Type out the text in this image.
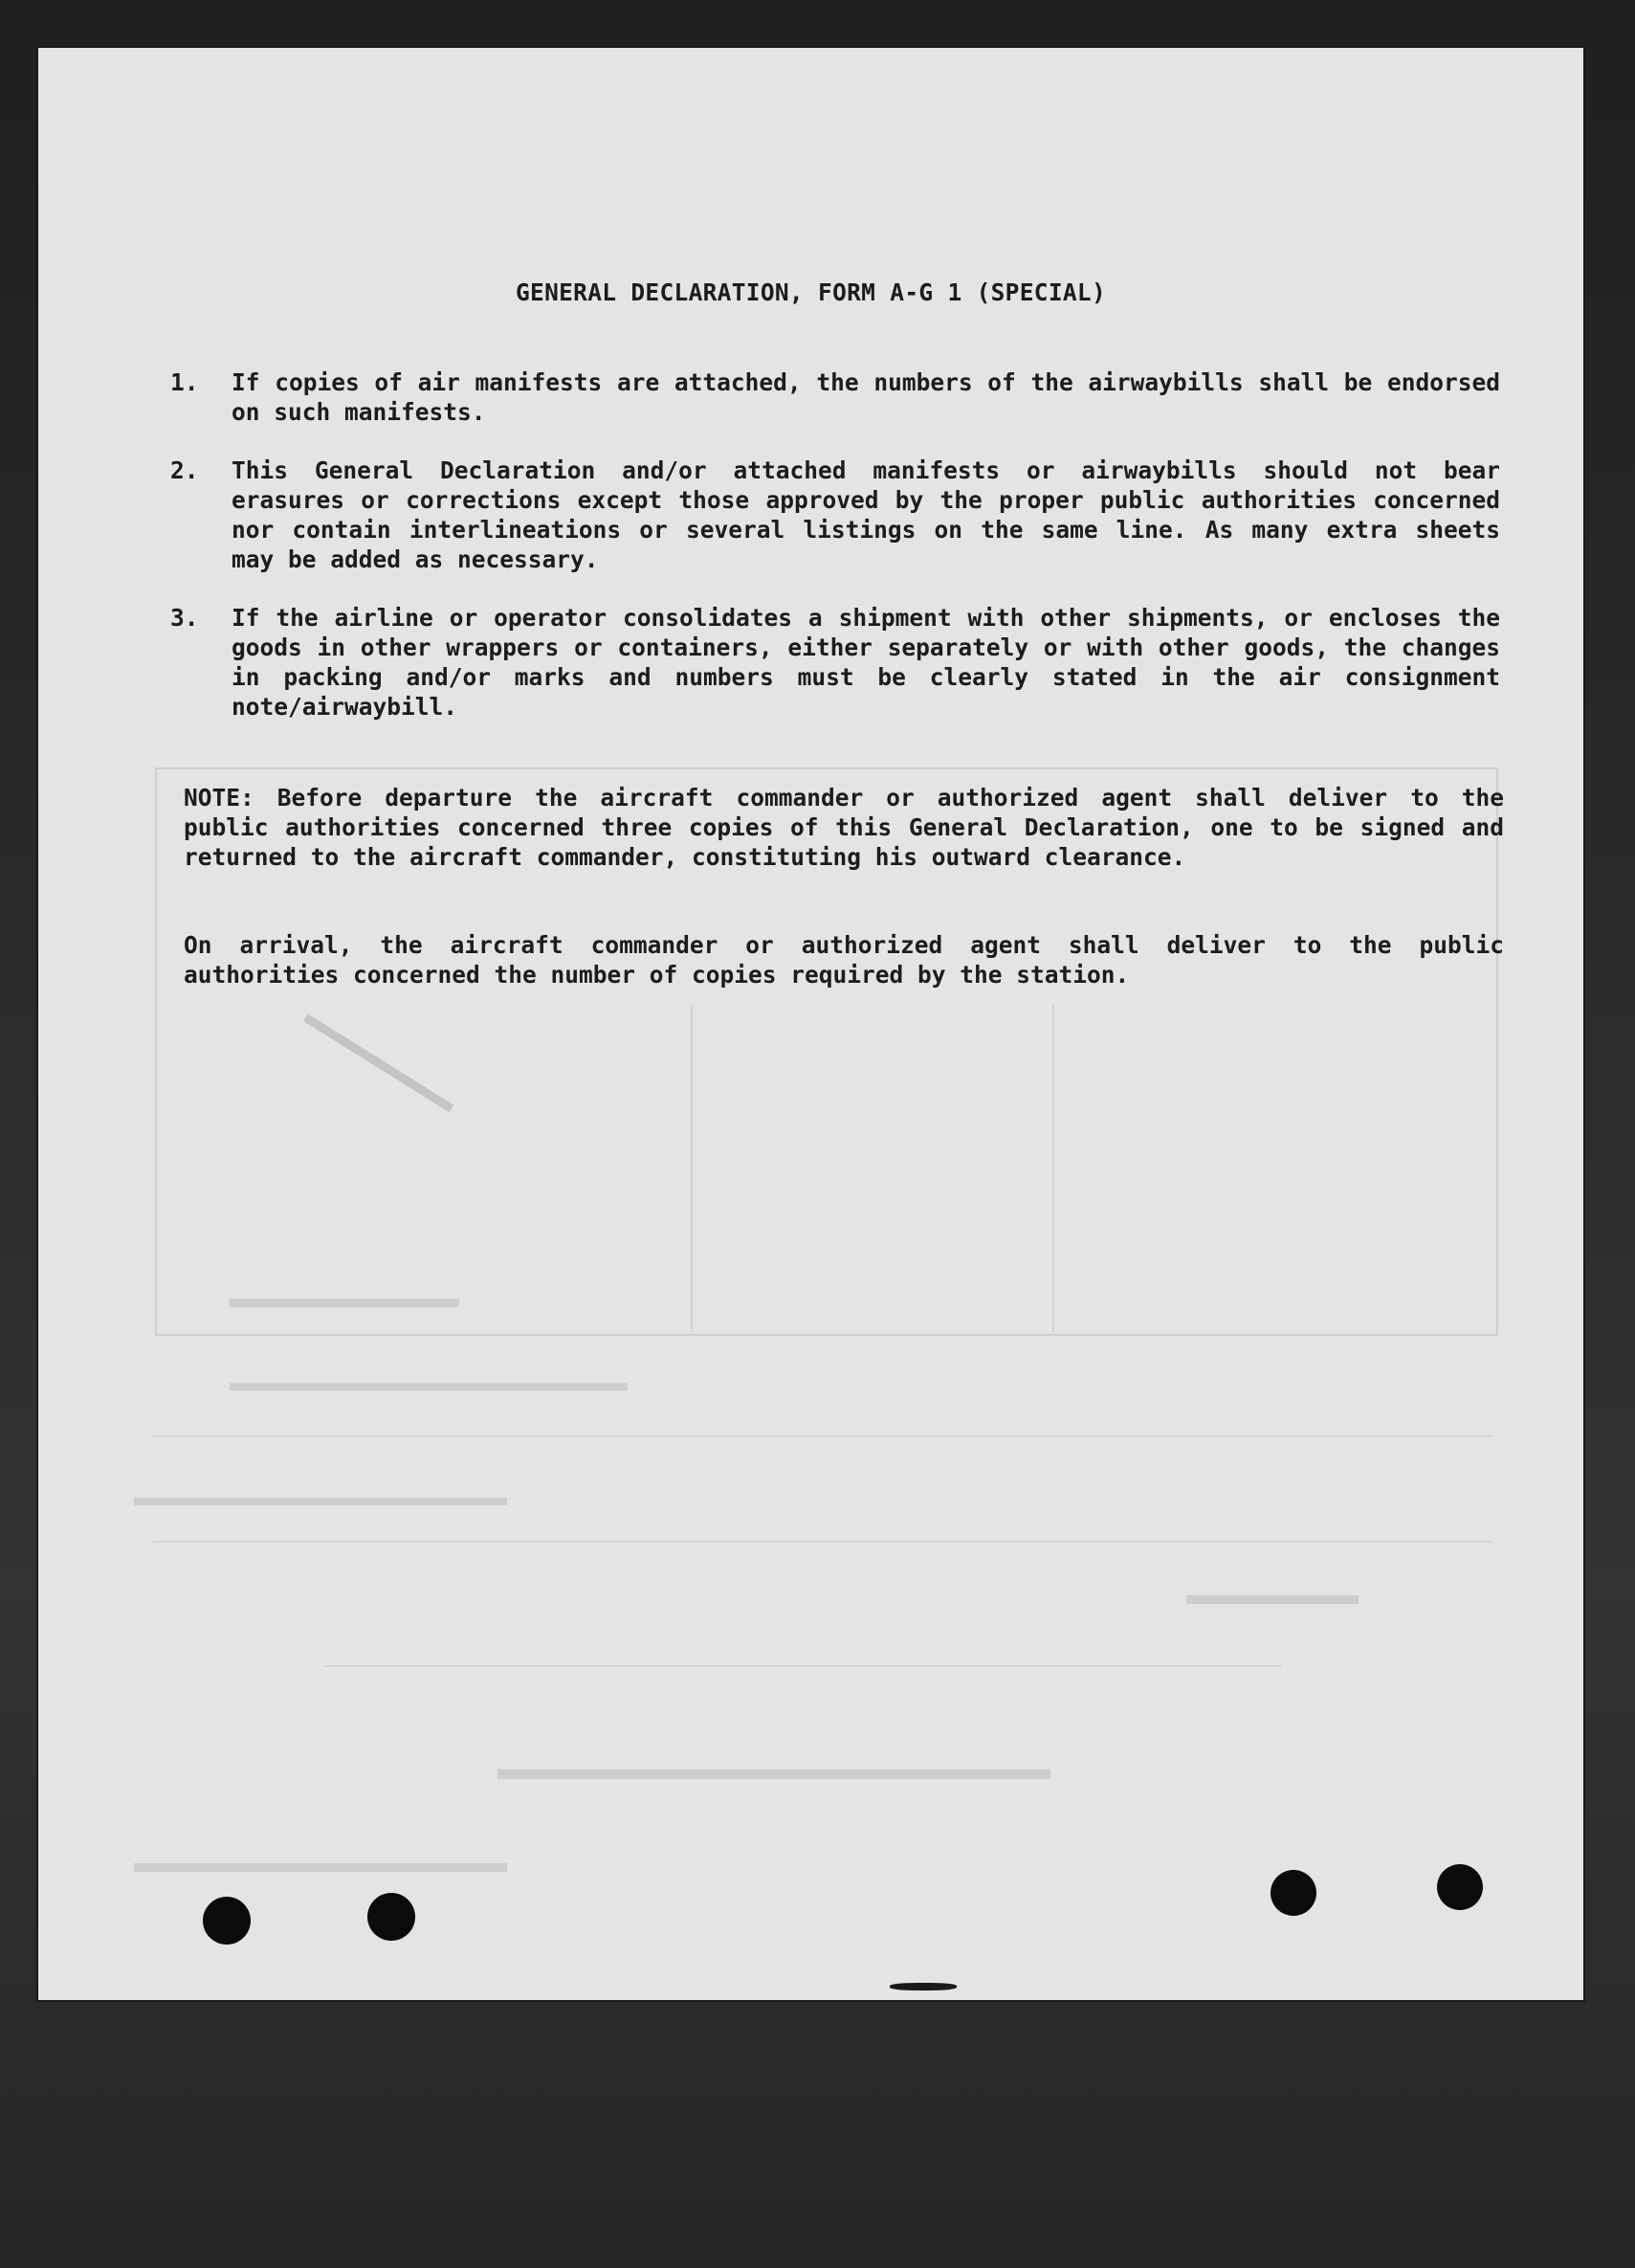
▬▬▬▬▬▬▬▬
▬▬▬▬▬▬▬▬▬▬▬▬▬▬▬▬
▬▬▬▬▬▬▬▬▬▬▬▬▬▬▬
▬▬▬▬▬▬▬▬▬▬▬▬▬▬▬▬▬
▬▬▬▬▬▬▬▬▬▬▬▬▬
▬▬▬▬▬▬
▬▬▬▬▬▬
GENERAL DECLARATION, FORM A-G 1 (SPECIAL)
1.	If copies of air manifests are attached, the numbers of the airwaybills shall be endorsed on such manifests.
2.	This General Declaration and/or attached manifests or airwaybills should not bear erasures or corrections except those approved by the proper public authorities concerned nor contain interlineations or several listings on the same line. As many extra sheets may be added as necessary.
3.	If the airline or operator consolidates a shipment with other shipments, or encloses the goods in other wrappers or containers, either separately or with other goods, the changes in packing and/or marks and numbers must be clearly stated in the air consignment note/airwaybill.
NOTE: Before departure the aircraft commander or authorized agent shall deliver to the public authorities concerned three copies of this General Declaration, one to be signed and returned to the aircraft commander, constituting his outward clearance.
On arrival, the aircraft commander or authorized agent shall deliver to the public authorities concerned the number of copies required by the station.
